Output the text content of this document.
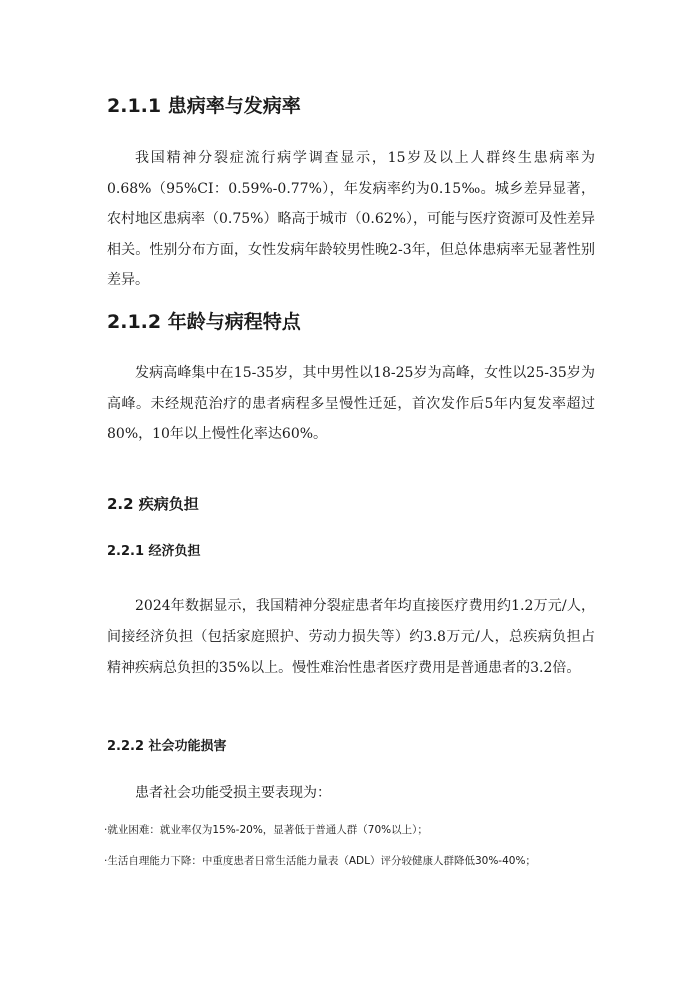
2.1.1 患病率与发病率

我国精神分裂症流行病学调查显示，15岁及以上人群终生患病率为0.68%（95%CI：0.59%-0.77%），年发病率约为0.15‰。城乡差异显著，农村地区患病率（0.75%）略高于城市（0.62%），可能与医疗资源可及性差异相关。性别分布方面，女性发病年龄较男性晚2-3年，但总体患病率无显著性别差异。

2.1.2 年龄与病程特点

发病高峰集中在15-35岁，其中男性以18-25岁为高峰，女性以25-35岁为高峰。未经规范治疗的患者病程多呈慢性迁延，首次发作后5年内复发率超过80%，10年以上慢性化率达60%。

2.2 疾病负担
2.2.1 经济负担

2024年数据显示，我国精神分裂症患者年均直接医疗费用约1.2万元/人，间接经济负担（包括家庭照护、劳动力损失等）约3.8万元/人，总疾病负担占精神疾病总负担的35%以上。慢性难治性患者医疗费用是普通患者的3.2倍。

2.2.2 社会功能损害

患者社会功能受损主要表现为：

·就业困难：就业率仅为15%-20%，显著低于普通人群（70%以上）；

·生活自理能力下降：中重度患者日常生活能力量表（ADL）评分较健康人群降低30%-40%；
